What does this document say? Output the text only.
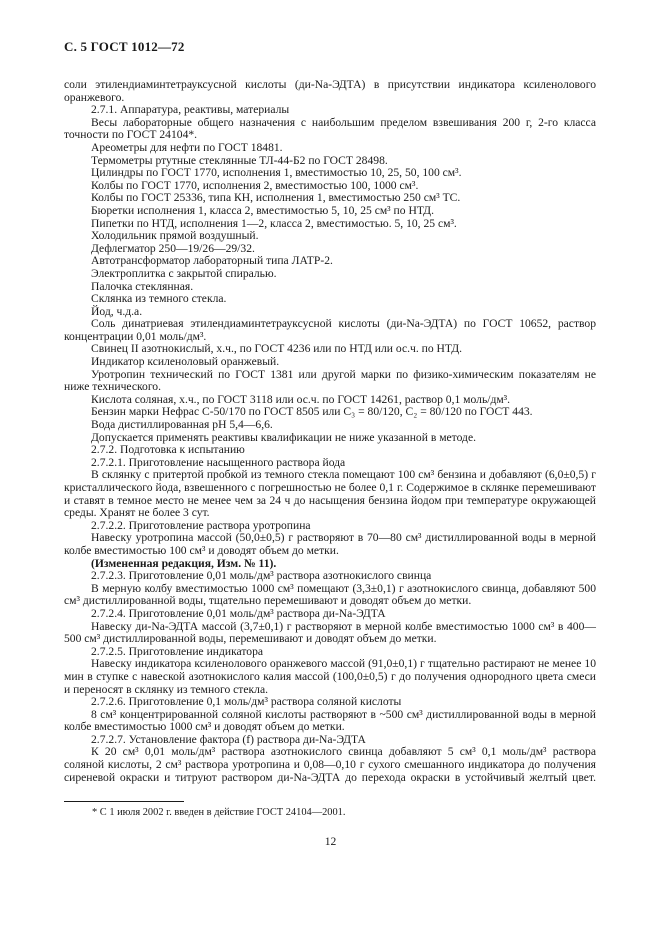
С. 5 ГОСТ 1012—72

соли этилендиаминтетрауксусной кислоты (ди-Na-ЭДТА) в присутствии индикатора ксиленолового оранжевого.

2.7.1. Аппаратура, реактивы, материалы

Весы лабораторные общего назначения с наибольшим пределом взвешивания 200 г, 2-го класса точности по ГОСТ 24104*.

Ареометры для нефти по ГОСТ 18481.

Термометры ртутные стеклянные ТЛ-44-Б2 по ГОСТ 28498.

Цилиндры по ГОСТ 1770, исполнения 1, вместимостью 10, 25, 50, 100 см³.

Колбы по ГОСТ 1770, исполнения 2, вместимостью 100, 1000 см³.

Колбы по ГОСТ 25336, типа КН, исполнения 1, вместимостью 250 см³ ТС.

Бюретки исполнения 1, класса 2, вместимостью 5, 10, 25 см³ по НТД.

Пипетки по НТД, исполнения 1—2, класса 2, вместимостью. 5, 10, 25 см³.

Холодильник прямой воздушный.

Дефлегматор 250—19/26—29/32.

Автотрансформатор лабораторный типа ЛАТР-2.

Электроплитка с закрытой спиралью.

Палочка стеклянная.

Склянка из темного стекла.

Йод, ч.д.а.

Соль динатриевая этилендиаминтетрауксусной кислоты (ди-Na-ЭДТА) по ГОСТ 10652, раствор концентрации 0,01 моль/дм³.

Свинец II азотнокислый, х.ч., по ГОСТ 4236 или по НТД или ос.ч. по НТД.

Индикатор ксиленоловый оранжевый.

Уротропин технический по ГОСТ 1381 или другой марки по физико-химическим показателям не ниже технического.

Кислота соляная, х.ч., по ГОСТ 3118 или ос.ч. по ГОСТ 14261, раствор 0,1 моль/дм³.

Бензин марки Нефрас С-50/170 по ГОСТ 8505 или C₃ = 80/120, C₂ = 80/120 по ГОСТ 443.

Вода дистиллированная рН 5,4—6,6.

Допускается применять реактивы квалификации не ниже указанной в методе.

2.7.2. Подготовка к испытанию

2.7.2.1. Приготовление насыщенного раствора йода

В склянку с притертой пробкой из темного стекла помещают 100 см³ бензина и добавляют (6,0±0,5) г кристаллического йода, взвешенного с погрешностью не более 0,1 г. Содержимое в склянке перемешивают и ставят в темное место не менее чем за 24 ч до насыщения бензина йодом при температуре окружающей среды. Хранят не более 3 сут.

2.7.2.2. Приготовление раствора уротропина

Навеску уротропина массой (50,0±0,5) г растворяют в 70—80 см³ дистиллированной воды в мерной колбе вместимостью 100 см³ и доводят объем до метки.

(Измененная редакция, Изм. № 11).

2.7.2.3. Приготовление 0,01 моль/дм³ раствора азотнокислого свинца

В мерную колбу вместимостью 1000 см³ помещают (3,3±0,1) г азотнокислого свинца, добавляют 500 см³ дистиллированной воды, тщательно перемешивают и доводят объем до метки.

2.7.2.4. Приготовление 0,01 моль/дм³ раствора ди-Na-ЭДТА

Навеску ди-Na-ЭДТА массой (3,7±0,1) г растворяют в мерной колбе вместимостью 1000 см³ в 400—500 см³ дистиллированной воды, перемешивают и доводят объем до метки.

2.7.2.5. Приготовление индикатора

Навеску индикатора ксиленолового оранжевого массой (91,0±0,1) г тщательно растирают не менее 10 мин в ступке с навеской азотнокислого калия массой (100,0±0,5) г до получения однородного цвета смеси и переносят в склянку из темного стекла.

2.7.2.6. Приготовление 0,1 моль/дм³ раствора соляной кислоты

8 см³ концентрированной соляной кислоты растворяют в ~500 см³ дистиллированной воды в мерной колбе вместимостью 1000 см³ и доводят объем до метки.

2.7.2.7. Установление фактора (f) раствора ди-Na-ЭДТА

К 20 см³ 0,01 моль/дм³ раствора азотнокислого свинца добавляют 5 см³ 0,1 моль/дм³ раствора соляной кислоты, 2 см³ раствора уротропина и 0,08—0,10 г сухого смешанного индикатора до получения сиреневой окраски и титруют раствором ди-Na-ЭДТА до перехода окраски в устойчивый желтый цвет.

* С 1 июля 2002 г. введен в действие ГОСТ 24104—2001.
12
